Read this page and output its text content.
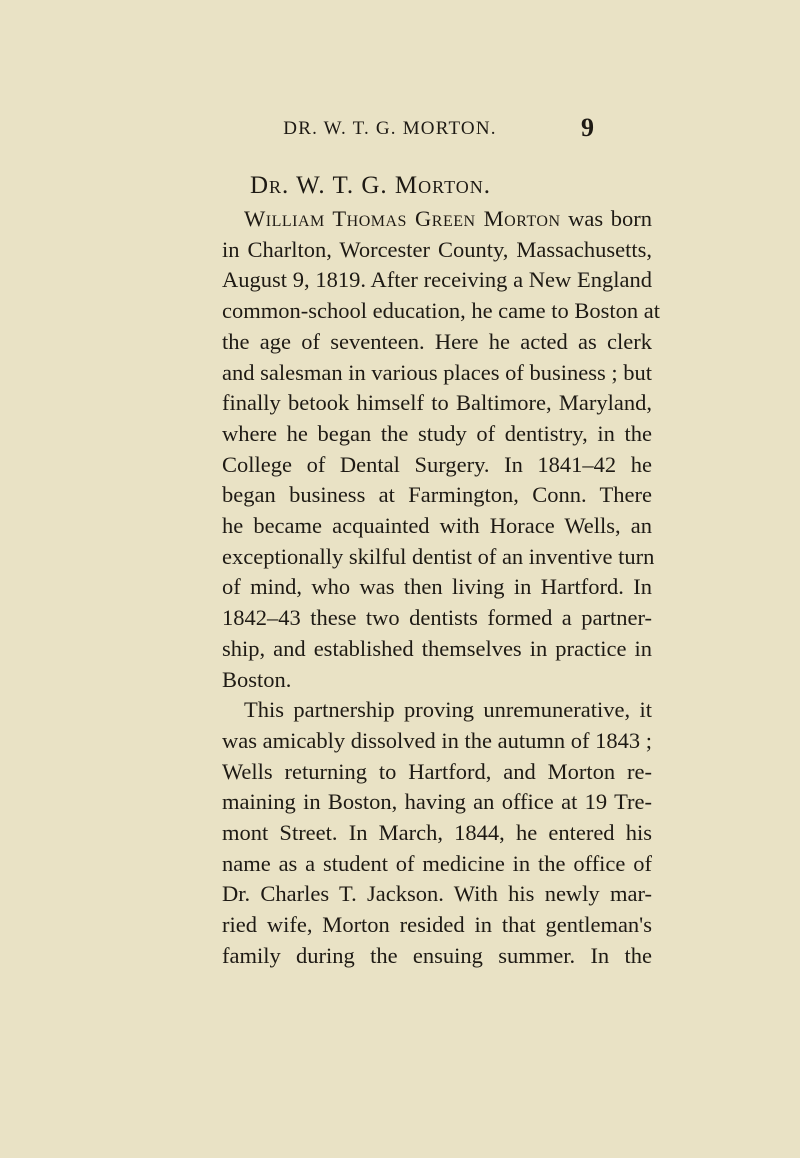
DR. W. T. G. MORTON.	9
Dr. W. T. G. Morton.
William Thomas Green Morton was born
in Charlton, Worcester County, Massachusetts,
August 9, 1819. After receiving a New England
common-school education, he came to Boston at
the age of seventeen. Here he acted as clerk
and salesman in various places of business ; but
finally betook himself to Baltimore, Maryland,
where he began the study of dentistry, in the
College of Dental Surgery. In 1841–42 he
began business at Farmington, Conn. There
he became acquainted with Horace Wells, an
exceptionally skilful dentist of an inventive turn
of mind, who was then living in Hartford. In
1842–43 these two dentists formed a partner-
ship, and established themselves in practice in
Boston.
This partnership proving unremunerative, it
was amicably dissolved in the autumn of 1843 ;
Wells returning to Hartford, and Morton re-
maining in Boston, having an office at 19 Tre-
mont Street. In March, 1844, he entered his
name as a student of medicine in the office of
Dr. Charles T. Jackson. With his newly mar-
ried wife, Morton resided in that gentleman's
family during the ensuing summer. In the
